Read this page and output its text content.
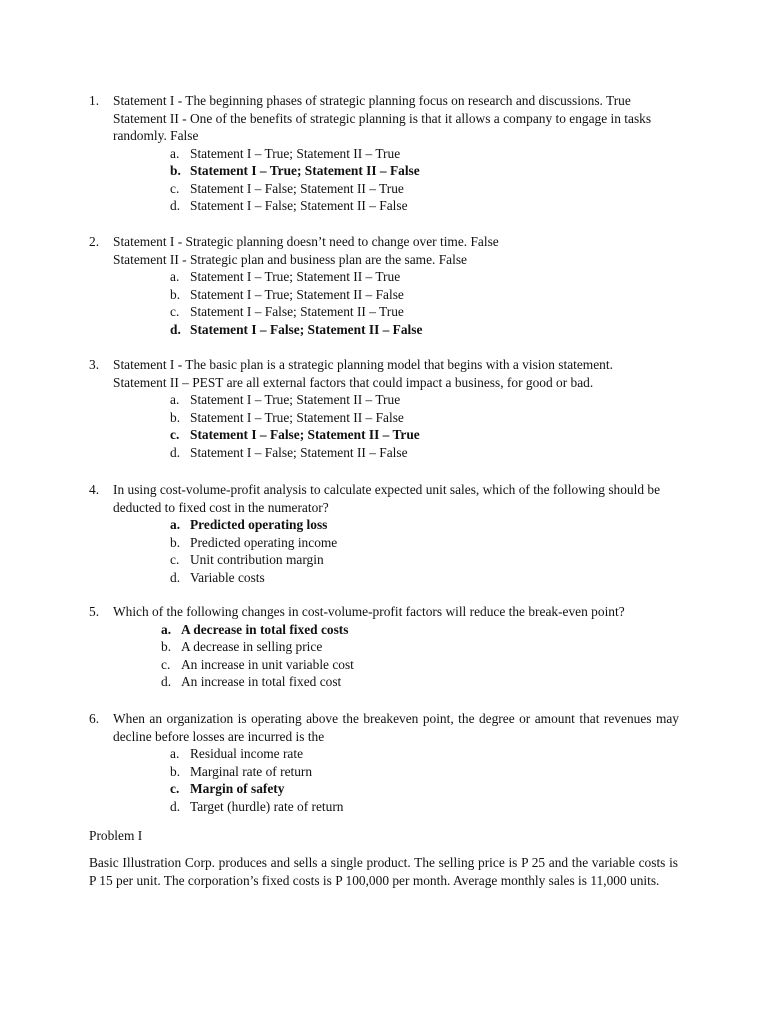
1. Statement I - The beginning phases of strategic planning focus on research and discussions. True
Statement II - One of the benefits of strategic planning is that it allows a company to engage in tasks randomly. False
a. Statement I – True; Statement II – True
b. Statement I – True; Statement II – False
c. Statement I – False; Statement II – True
d. Statement I – False; Statement II – False
2. Statement I - Strategic planning doesn’t need to change over time. False
Statement II - Strategic plan and business plan are the same. False
a. Statement I – True; Statement II – True
b. Statement I – True; Statement II – False
c. Statement I – False; Statement II – True
d. Statement I – False; Statement II – False
3. Statement I - The basic plan is a strategic planning model that begins with a vision statement.
Statement II – PEST are all external factors that could impact a business, for good or bad.
a. Statement I – True; Statement II – True
b. Statement I – True; Statement II – False
c. Statement I – False; Statement II – True
d. Statement I – False; Statement II – False
4. In using cost-volume-profit analysis to calculate expected unit sales, which of the following should be deducted to fixed cost in the numerator?
a. Predicted operating loss
b. Predicted operating income
c. Unit contribution margin
d. Variable costs
5. Which of the following changes in cost-volume-profit factors will reduce the break-even point?
a. A decrease in total fixed costs
b. A decrease in selling price
c. An increase in unit variable cost
d. An increase in total fixed cost
6. When an organization is operating above the breakeven point, the degree or amount that revenues may decline before losses are incurred is the
a. Residual income rate
b. Marginal rate of return
c. Margin of safety
d. Target (hurdle) rate of return
Problem I
Basic Illustration Corp. produces and sells a single product. The selling price is P 25 and the variable costs is P 15 per unit. The corporation’s fixed costs is P 100,000 per month. Average monthly sales is 11,000 units.
